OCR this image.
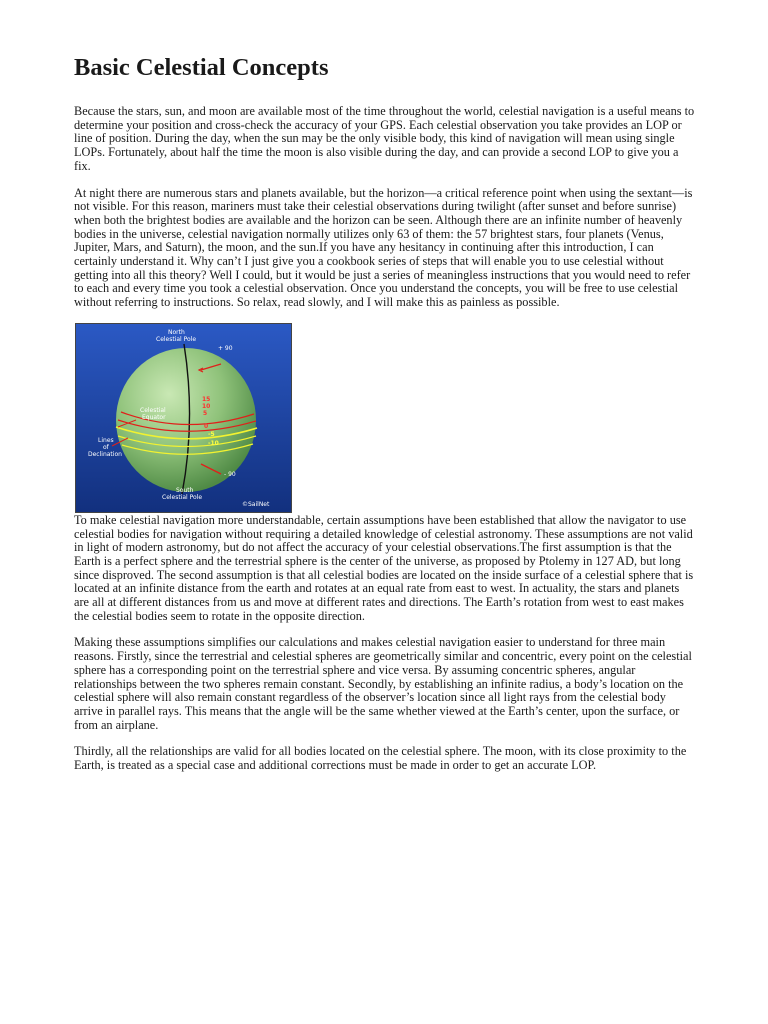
Basic Celestial Concepts

Because the stars, sun, and moon are available most of the time throughout the world, celestial navigation is a useful means to determine your position and cross-check the accuracy of your GPS. Each celestial observation you take provides an LOP or line of position. During the day, when the sun may be the only visible body, this kind of navigation will mean using single LOPs. Fortunately, about half the time the moon is also visible during the day, and can provide a second LOP to give you a fix.

At night there are numerous stars and planets available, but the horizon—a critical reference point when using the sextant—is not visible. For this reason, mariners must take their celestial observations during twilight (after sunset and before sunrise) when both the brightest bodies are available and the horizon can be seen. Although there are an infinite number of heavenly bodies in the universe, celestial navigation normally utilizes only 63 of them: the 57 brightest stars, four planets (Venus, Jupiter, Mars, and Saturn), the moon, and the sun.If you have any hesitancy in continuing after this introduction, I can certainly understand it. Why can’t I just give you a cookbook series of steps that will enable you to use celestial without getting into all this theory? Well I could, but it would be just a series of meaningless instructions that you would need to refer to each and every time you took a celestial observation. Once you understand the concepts, you will be free to use celestial without referring to instructions. So relax, read slowly, and I will make this as painless as possible.

North
Celestial Pole
+ 90
15
10
5
0
-5
-10
Celestial
Equator
Lines
of
Declination
- 90
South
Celestial Pole
©SailNet

To make celestial navigation more understandable, certain assumptions have been established that allow the navigator to use celestial bodies for navigation without requiring a detailed knowledge of celestial astronomy. These assumptions are not valid in light of modern astronomy, but do not affect the accuracy of your celestial observations.The first assumption is that the Earth is a perfect sphere and the terrestrial sphere is the center of the universe, as proposed by Ptolemy in 127 AD, but long since disproved. The second assumption is that all celestial bodies are located on the inside surface of a celestial sphere that is located at an infinite distance from the earth and rotates at an equal rate from east to west. In actuality, the stars and planets are all at different distances from us and move at different rates and directions. The Earth’s rotation from west to east makes the celestial bodies seem to rotate in the opposite direction.

Making these assumptions simplifies our calculations and makes celestial navigation easier to understand for three main reasons. Firstly, since the terrestrial and celestial spheres are geometrically similar and concentric, every point on the celestial sphere has a corresponding point on the terrestrial sphere and vice versa. By assuming concentric spheres, angular relationships between the two spheres remain constant. Secondly, by establishing an infinite radius, a body’s location on the celestial sphere will also remain constant regardless of the observer’s location since all light rays from the celestial body arrive in parallel rays. This means that the angle will be the same whether viewed at the Earth’s center, upon the surface, or from an airplane.

Thirdly, all the relationships are valid for all bodies located on the celestial sphere. The moon, with its close proximity to the Earth, is treated as a special case and additional corrections must be made in order to get an accurate LOP.
